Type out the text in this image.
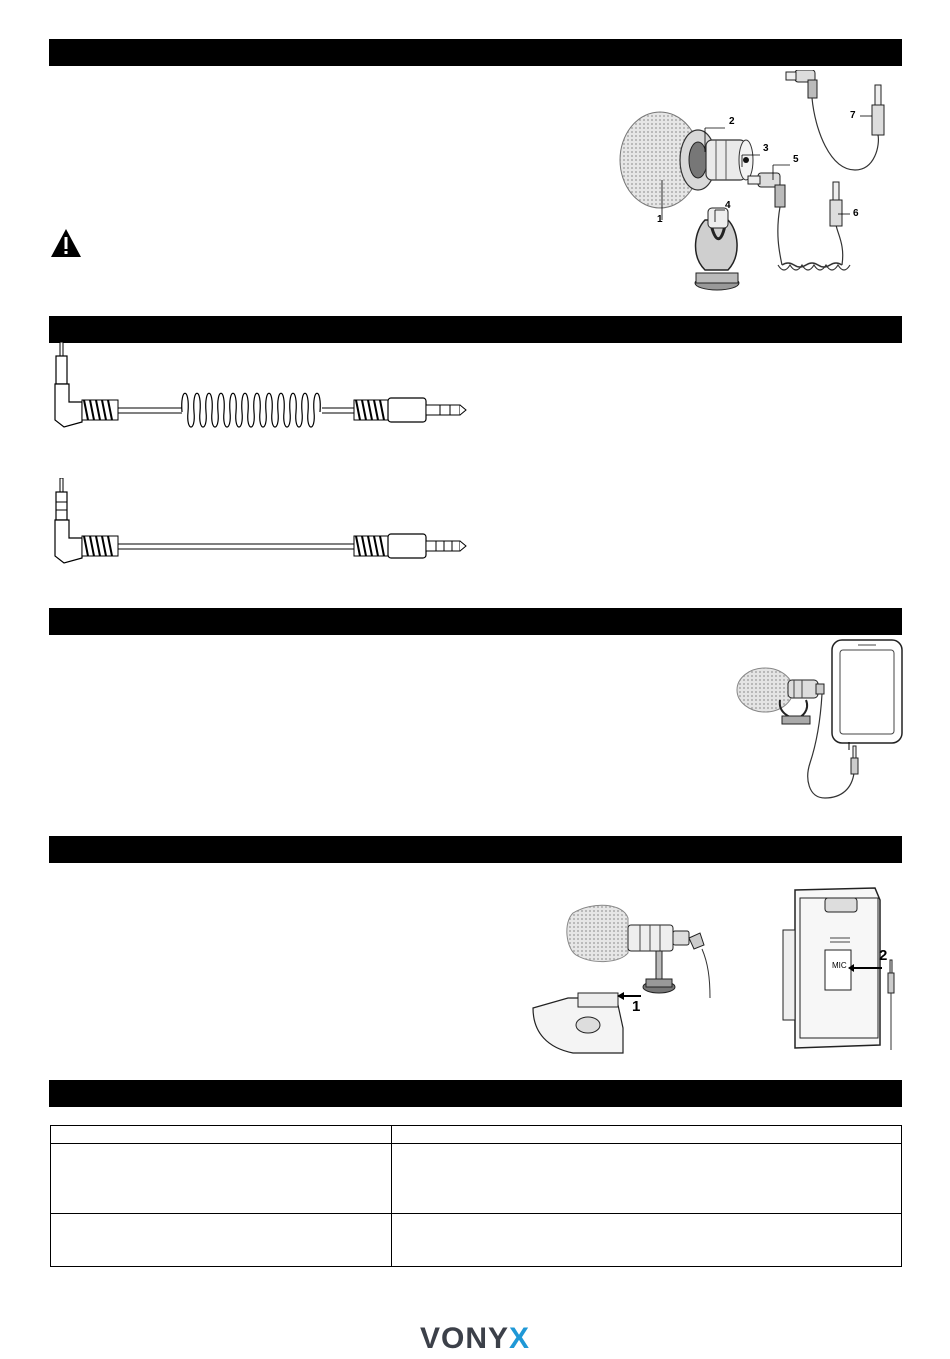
2
3
5
1
4
6
7
1
MIC
2

VONYX
